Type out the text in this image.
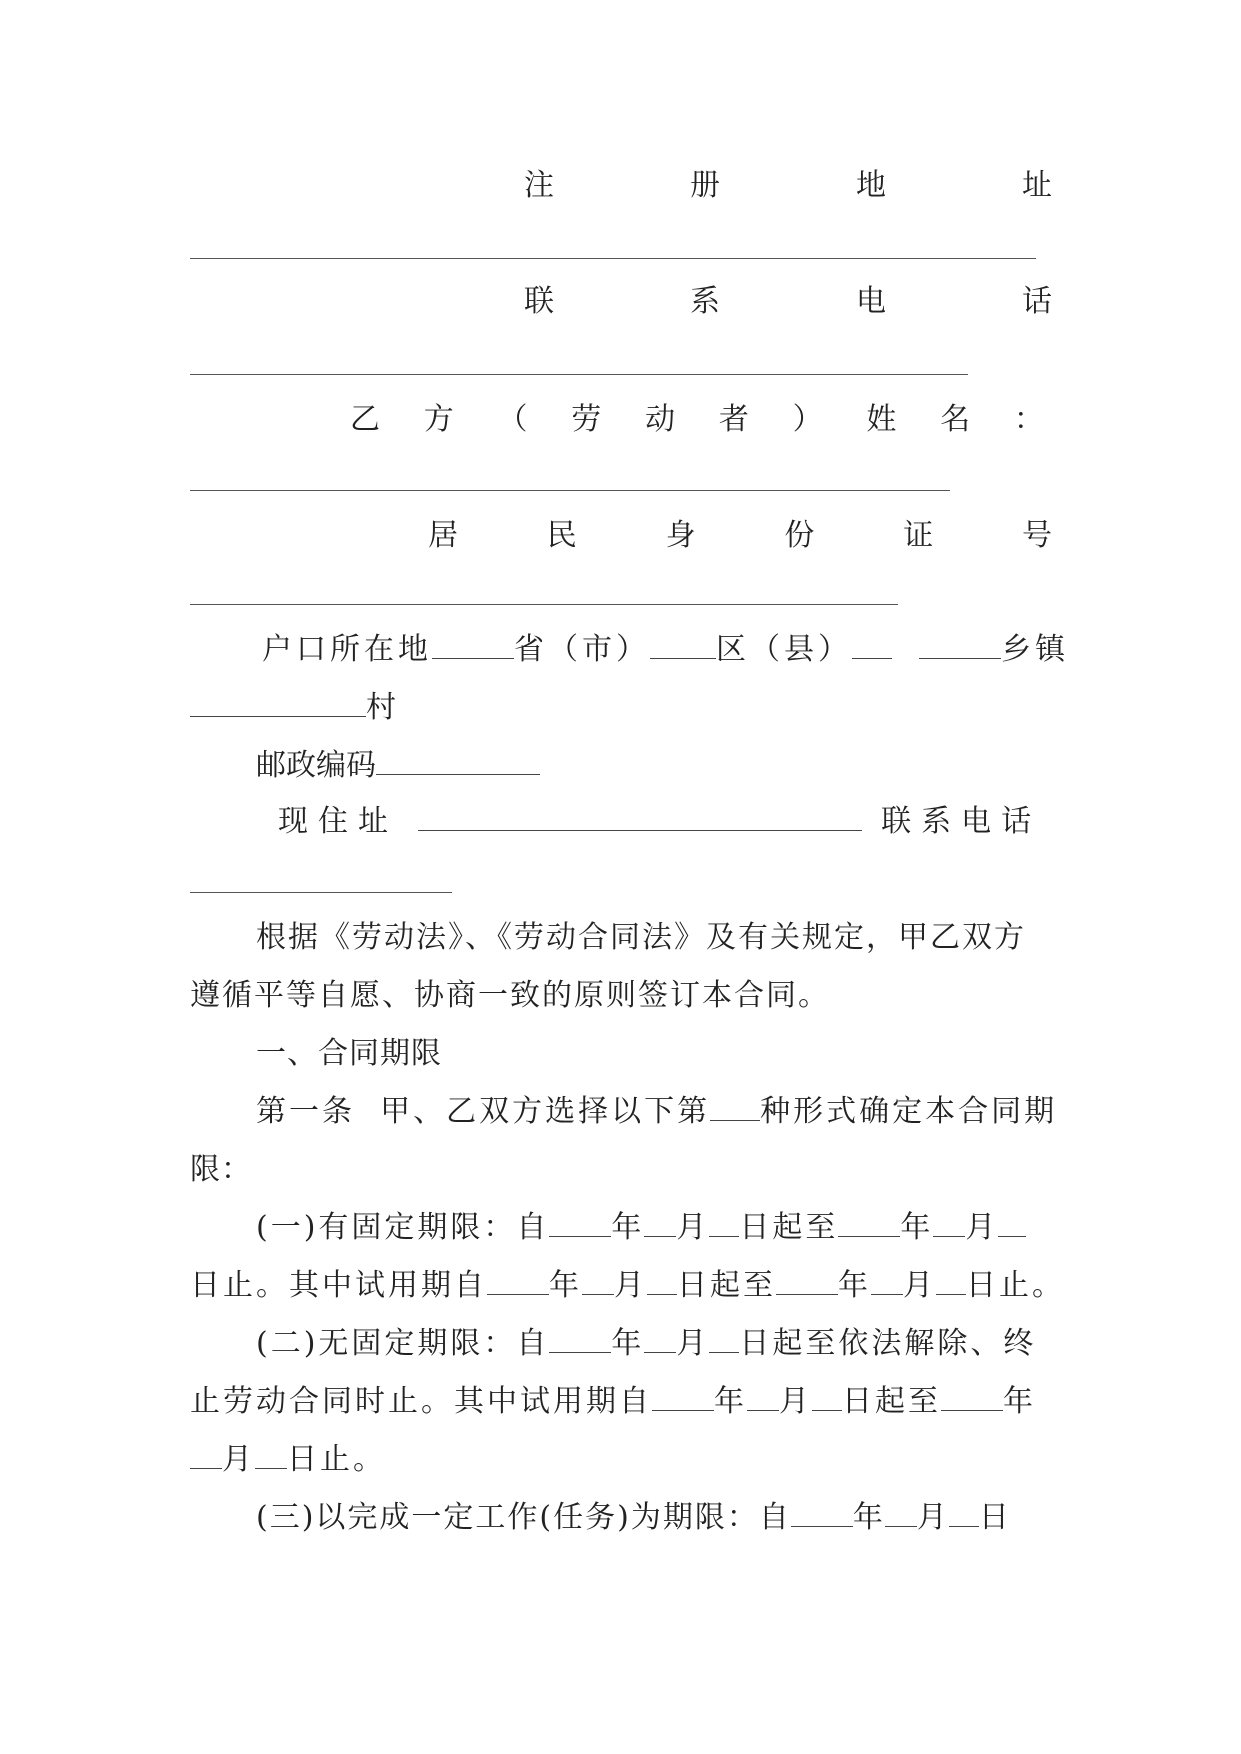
注	册	地	址
联	系	电	话
乙 方 （ 劳 动 者 ） 姓 名 ：
居	民	身	份	证	号
户口所在地	省（市） 区（县）	乡镇
村
邮政编码
现住址	联系电话
根据《劳动法》、《劳动合同法》及有关规定，甲乙双方
遵循平等自愿、协商一致的原则签订本合同。
一、合同期限
第一条  甲、乙双方选择以下第 种形式确定本合同期
限：
(一)有固定期限：自 年 月 日起至 年 月
日止。其中试用期自 年 月 日起至 年 月 日止。
(二)无固定期限：自 年 月 日起至依法解除、终
止劳动合同时止。其中试用期自 年 月 日起至 年
月 日止。
(三)以完成一定工作(任务)为期限：自 年 月 日
